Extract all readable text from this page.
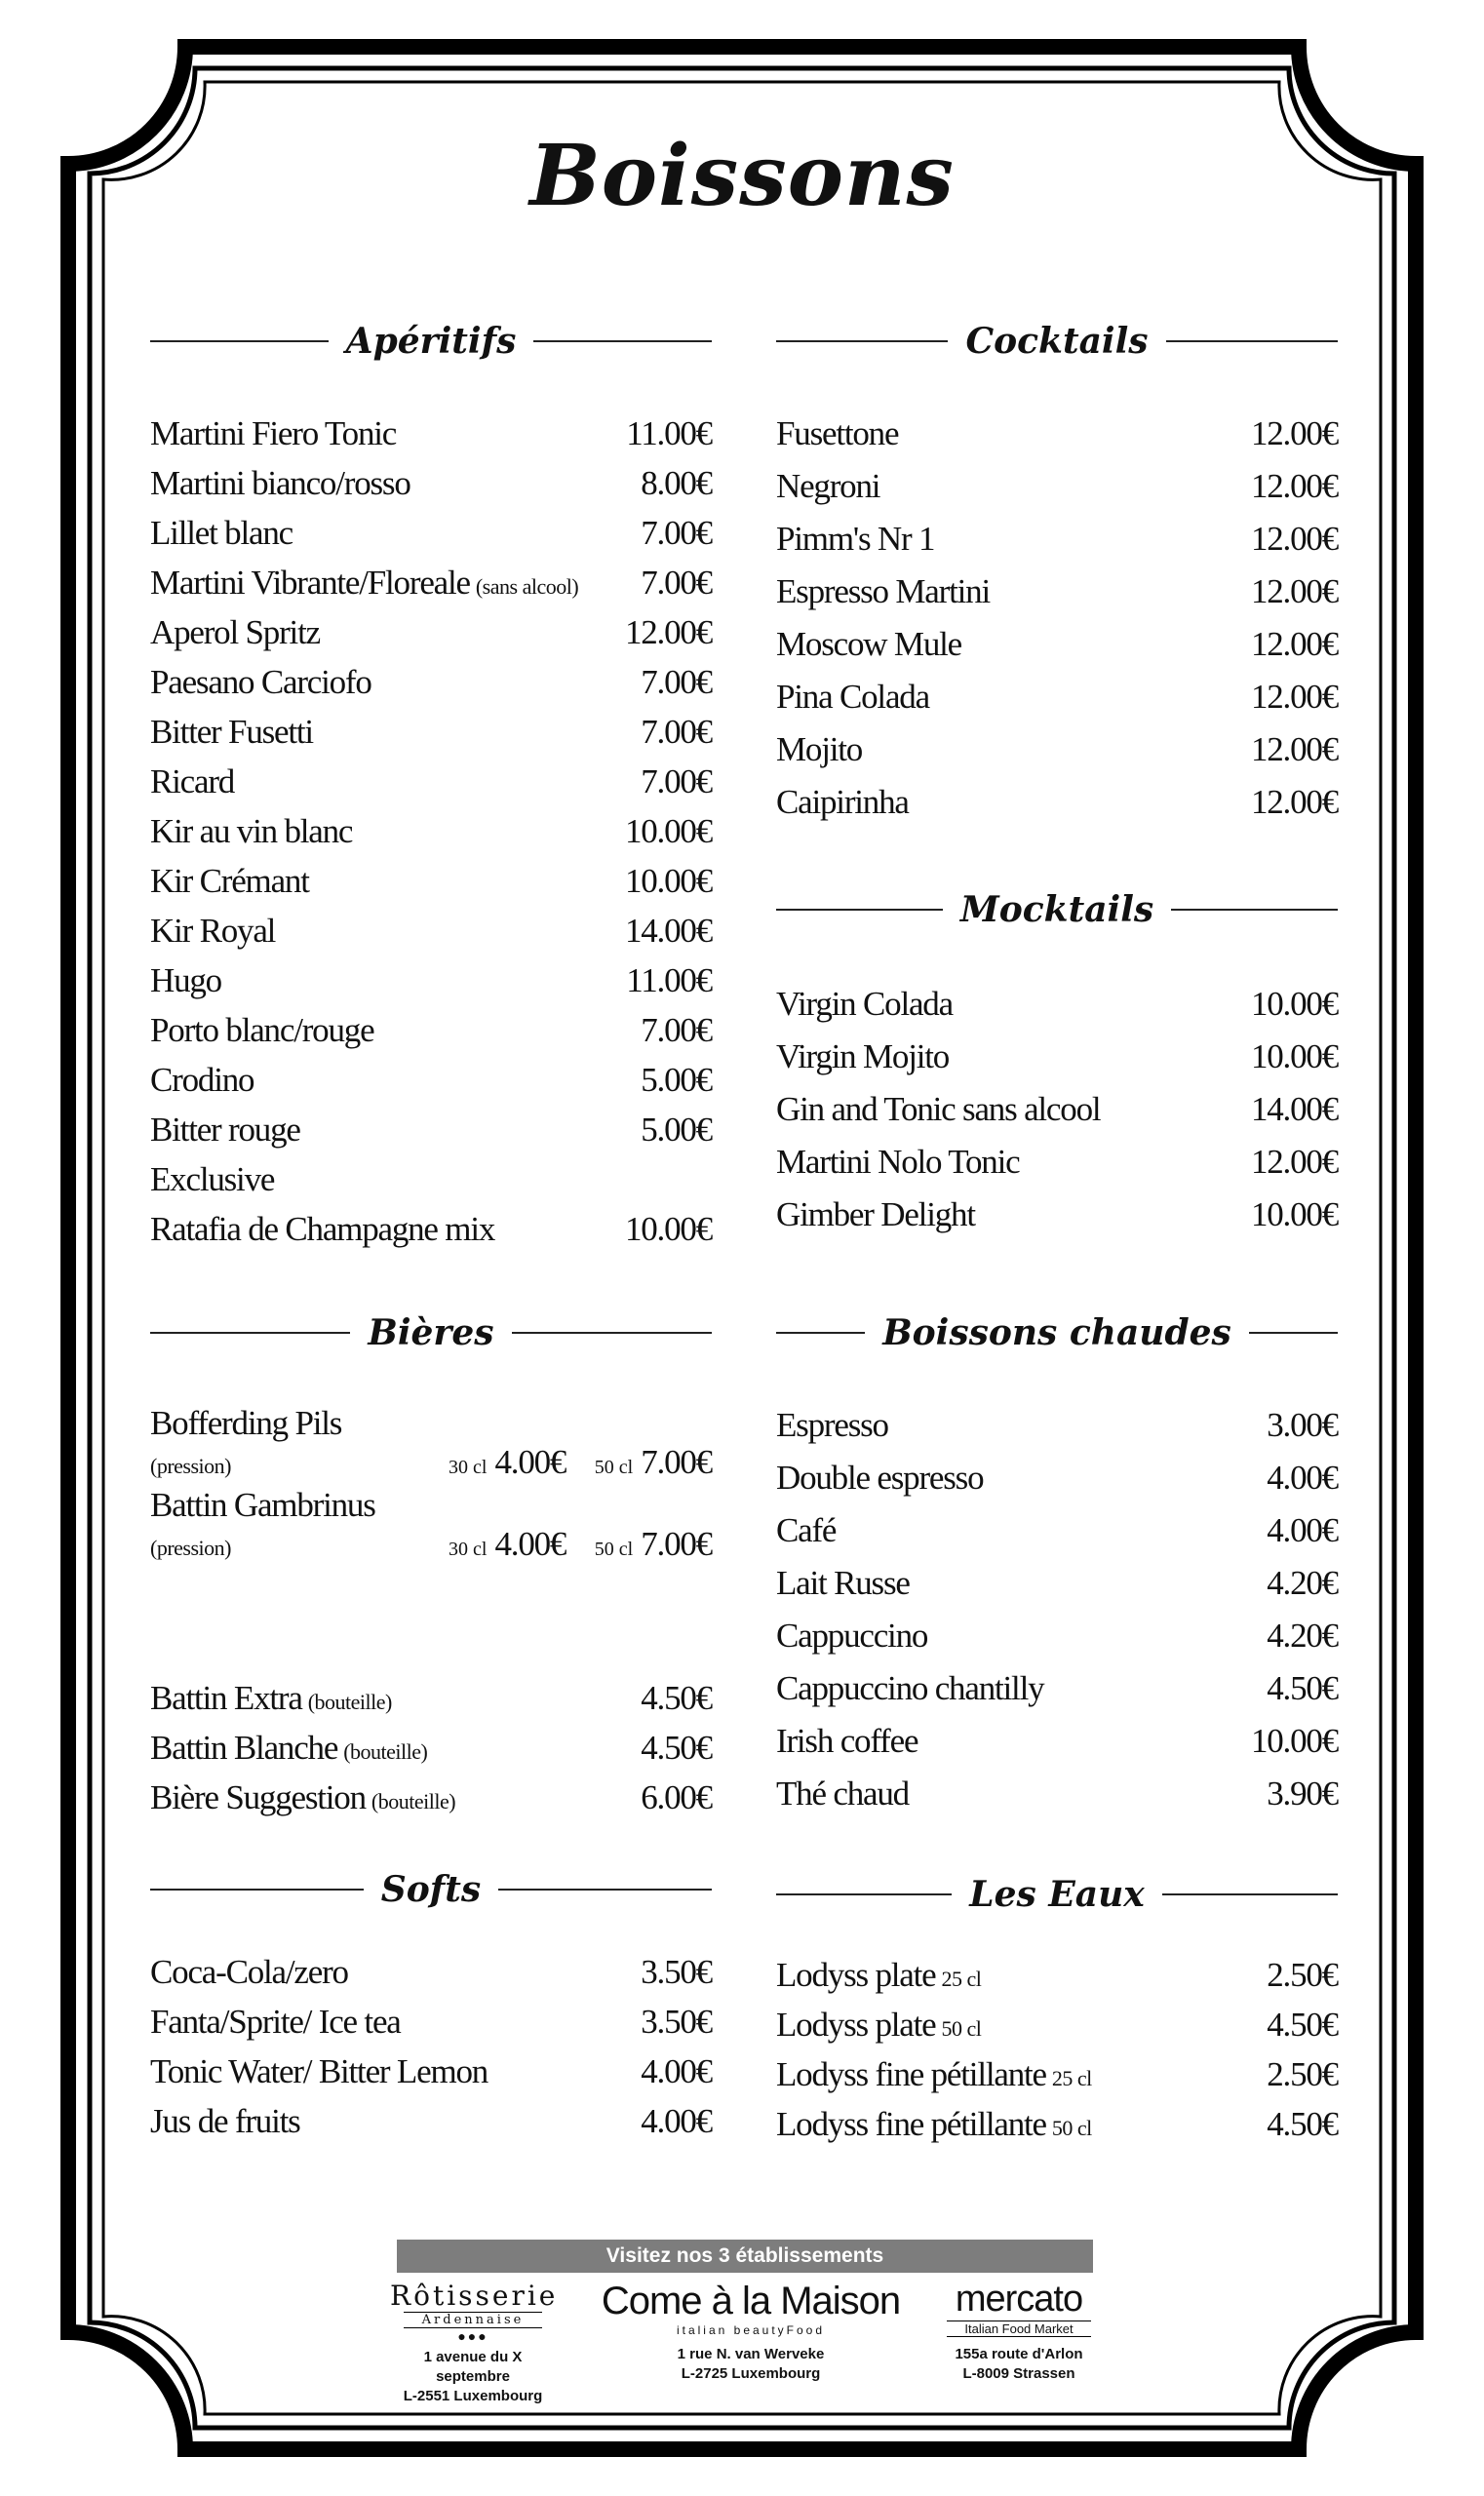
Boissons
Apéritifs
Martini Fiero Tonic	11.00€
Martini bianco/rosso	8.00€
Lillet blanc	7.00€
Martini Vibrante/Floreale (sans alcool) 7.00€
Aperol Spritz	12.00€
Paesano Carciofo	7.00€
Bitter Fusetti	7.00€
Ricard	7.00€
Kir au vin blanc	10.00€
Kir Crémant	10.00€
Kir Royal	14.00€
Hugo	11.00€
Porto blanc/rouge	7.00€
Crodino	5.00€
Bitter rouge	5.00€
Exclusive
Ratafia de Champagne mix	10.00€
Bières
Bofferding Pils
(pression)	30 cl 4.00€ 50 cl 7.00€
Battin Gambrinus
(pression)	30 cl 4.00€ 50 cl 7.00€
Battin Extra (bouteille)	4.50€
Battin Blanche (bouteille)	4.50€
Bière Suggestion (bouteille)	6.00€
Softs
Coca-Cola/zero	3.50€
Fanta/Sprite/ Ice tea	3.50€
Tonic Water/ Bitter Lemon	4.00€
Jus de fruits	4.00€
Cocktails
Fusettone	12.00€
Negroni	12.00€
Pimm's Nr 1	12.00€
Espresso Martini	12.00€
Moscow Mule	12.00€
Pina Colada	12.00€
Mojito	12.00€
Caipirinha	12.00€
Mocktails
Virgin Colada	10.00€
Virgin Mojito	10.00€
Gin and Tonic sans alcool	14.00€
Martini Nolo Tonic	12.00€
Gimber Delight	10.00€
Boissons chaudes
Espresso	3.00€
Double espresso	4.00€
Café	4.00€
Lait Russe	4.20€
Cappuccino	4.20€
Cappuccino chantilly	4.50€
Irish coffee	10.00€
Thé chaud	3.90€
Les Eaux
Lodyss plate 25 cl	2.50€
Lodyss plate 50 cl	4.50€
Lodyss fine pétillante 25 cl	2.50€
Lodyss fine pétillante 50 cl	4.50€
Visitez nos 3 établissements
Rôtisserie
Ardennaise
●●●
1 avenue du X septembre
L-2551 Luxembourg
Come à la Maison
italian beautyFood
1 rue N. van Werveke
L-2725 Luxembourg
mercato
Italian Food Market
155a route d'Arlon
L-8009 Strassen
